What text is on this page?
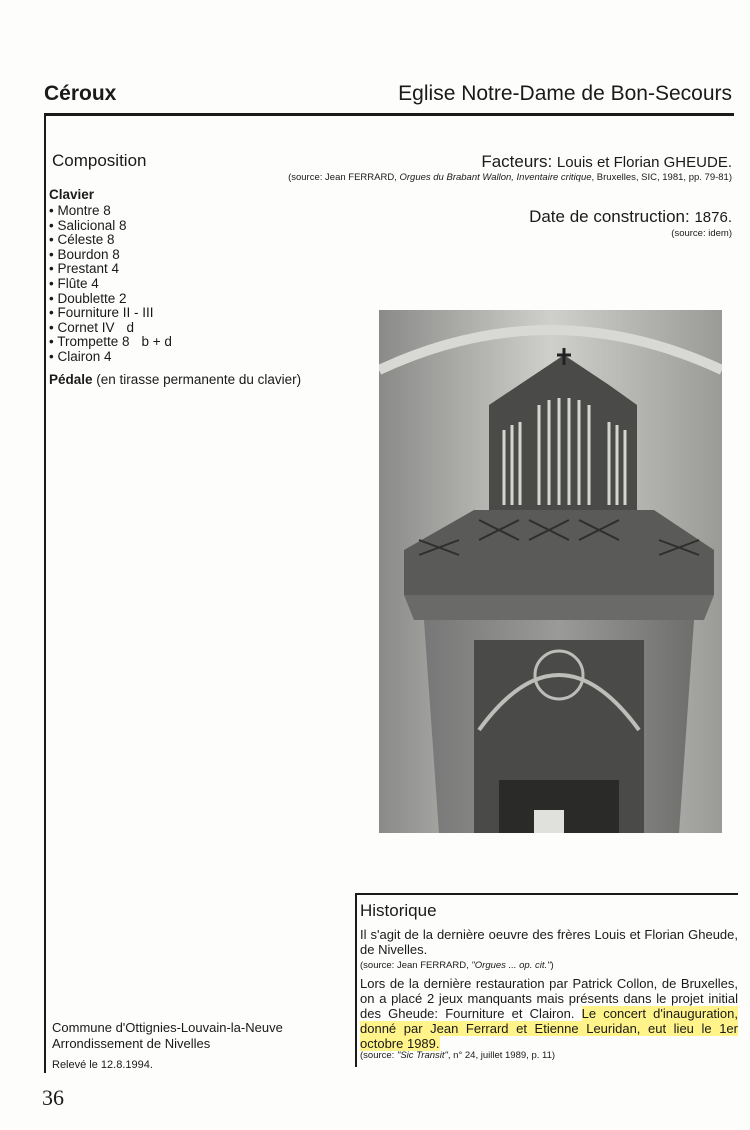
Céroux	Eglise Notre-Dame de Bon-Secours
Composition
Clavier
• Montre 8
• Salicional 8
• Céleste 8
• Bourdon 8
• Prestant 4
• Flûte 4
• Doublette 2
• Fourniture II - III
• Cornet IV d
• Trompette 8 b + d
• Clairon 4
Pédale (en tirasse permanente du clavier)
Facteurs: Louis et Florian GHEUDE.
(source: Jean FERRARD, Orgues du Brabant Wallon, Inventaire critique, Bruxelles, SIC, 1981, pp. 79-81)
Date de construction: 1876.
(source: idem)
Historique
Il s'agit de la dernière oeuvre des frères Louis et Florian Gheude, de Nivelles.
(source: Jean FERRARD, "Orgues ... op. cit.")
Lors de la dernière restauration par Patrick Collon, de Bruxelles, on a placé 2 jeux manquants mais présents dans le projet initial des Gheude: Fourniture et Clairon. Le concert d'inauguration, donné par Jean Ferrard et Etienne Leuridan, eut lieu le 1er octobre 1989.
(source: "Sic Transit", n° 24, juillet 1989, p. 11)
Commune d'Ottignies-Louvain-la-Neuve
Arrondissement de Nivelles
Relevé le 12.8.1994.
36
